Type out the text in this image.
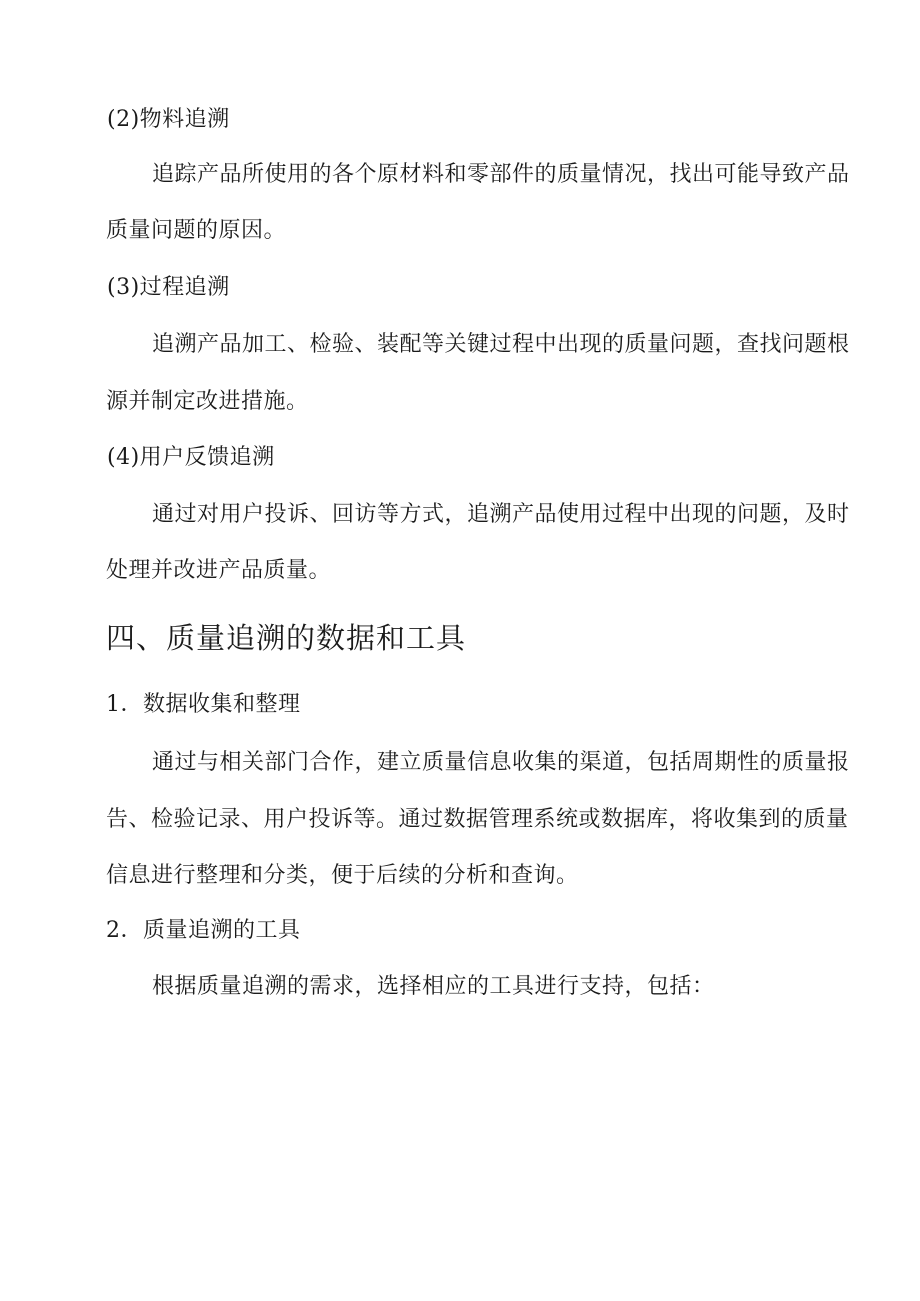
(2)物料追溯
追踪产品所使用的各个原材料和零部件的质量情况，找出可能导致产品
质量问题的原因。
(3)过程追溯
追溯产品加工、检验、装配等关键过程中出现的质量问题，查找问题根
源并制定改进措施。
(4)用户反馈追溯
通过对用户投诉、回访等方式，追溯产品使用过程中出现的问题，及时
处理并改进产品质量。
四、质量追溯的数据和工具
1．数据收集和整理
通过与相关部门合作，建立质量信息收集的渠道，包括周期性的质量报
告、检验记录、用户投诉等。通过数据管理系统或数据库，将收集到的质量
信息进行整理和分类，便于后续的分析和查询。
2．质量追溯的工具
根据质量追溯的需求，选择相应的工具进行支持，包括：
